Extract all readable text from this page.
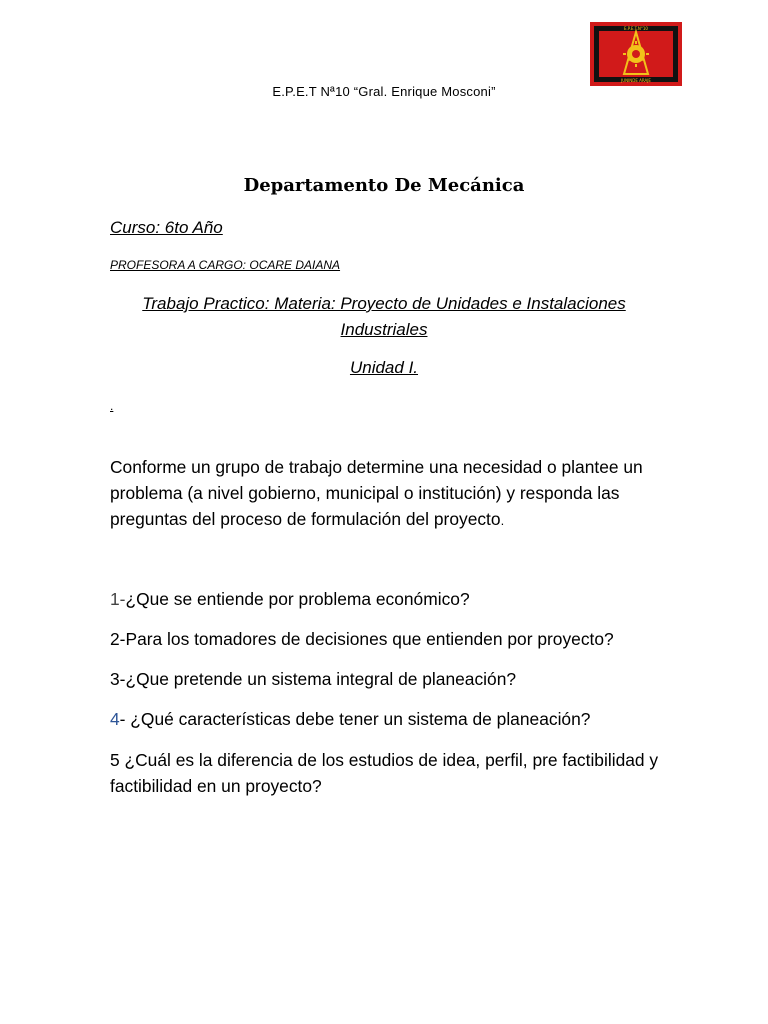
E.P.E.T.N°10
JUNINDE ARAJE
E.P.E.T Nª10 “Gral. Enrique Mosconi”
Departamento De Mecánica
Curso: 6to Año
PROFESORA A CARGO: OCARE DAIANA
Trabajo Practico: Materia: Proyecto de Unidades e Instalaciones Industriales
Unidad I.
.
Conforme un grupo de trabajo determine una necesidad o plantee un problema (a nivel gobierno, municipal o institución) y responda las preguntas del proceso de formulación del proyecto.
1-¿Que se entiende por problema económico?
2-Para los tomadores de decisiones que entienden por proyecto?
3-¿Que pretende un sistema integral de planeación?
4- ¿Qué características debe tener un sistema de planeación?
5 ¿Cuál es la diferencia de los estudios de idea, perfil, pre factibilidad y factibilidad en un proyecto?
